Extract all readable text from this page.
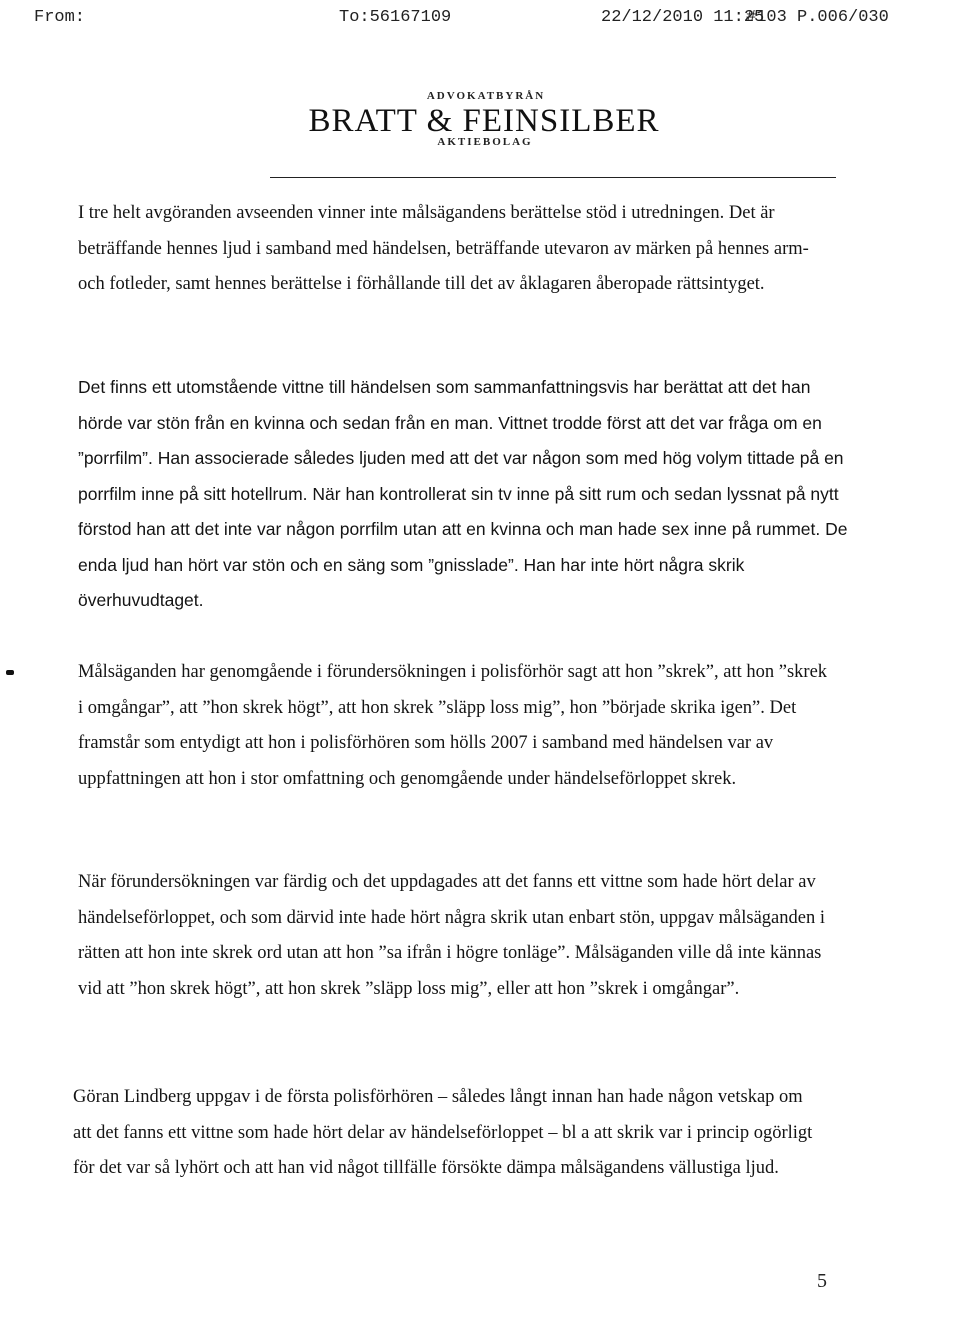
From:	To:56167109	22/12/2010 11:25
#103 P.006/030
ADVOKATBYRÅN
BRATT & FEINSILBER
AKTIEBOLAG
I tre helt avgöranden avseenden vinner inte målsägandens berättelse stöd i utredningen. Det är beträffande hennes ljud i samband med händelsen, beträffande utevaron av märken på hennes arm- och fotleder, samt hennes berättelse i förhållande till det av åklagaren åberopade rättsintyget.
Det finns ett utomstående vittne till händelsen som sammanfattningsvis har berättat att det han hörde var stön från en kvinna och sedan från en man. Vittnet trodde först att det var fråga om en ”porrfilm”. Han associerade således ljuden med att det var någon som med hög volym tittade på en porrfilm inne på sitt hotellrum. När han kontrollerat sin tv inne på sitt rum och sedan lyssnat på nytt förstod han att det inte var någon porrfilm utan att en kvinna och man hade sex inne på rummet. De enda ljud han hört var stön och en säng som ”gnisslade”. Han har inte hört några skrik överhuvudtaget.
Målsäganden har genomgående i förundersökningen i polisförhör sagt att hon ”skrek”, att hon ”skrek i omgångar”, att ”hon skrek högt”, att hon skrek ”släpp loss mig”, hon ”började skrika igen”. Det framstår som entydigt att hon i polisförhören som hölls 2007 i samband med händelsen var av uppfattningen att hon i stor omfattning och genomgående under händelseförloppet skrek.
När förundersökningen var färdig och det uppdagades att det fanns ett vittne som hade hört delar av händelseförloppet, och som därvid inte hade hört några skrik utan enbart stön, uppgav målsäganden i rätten att hon inte skrek ord utan att hon ”sa ifrån i högre tonläge”. Målsäganden ville då inte kännas vid att ”hon skrek högt”, att hon skrek ”släpp loss mig”, eller att hon ”skrek i omgångar”.
Göran Lindberg uppgav i de första polisförhören – således långt innan han hade någon vetskap om att det fanns ett vittne som hade hört delar av händelseförloppet – bl a att skrik var i princip ogörligt för det var så lyhört och att han vid något tillfälle försökte dämpa målsägandens vällustiga ljud.
5
